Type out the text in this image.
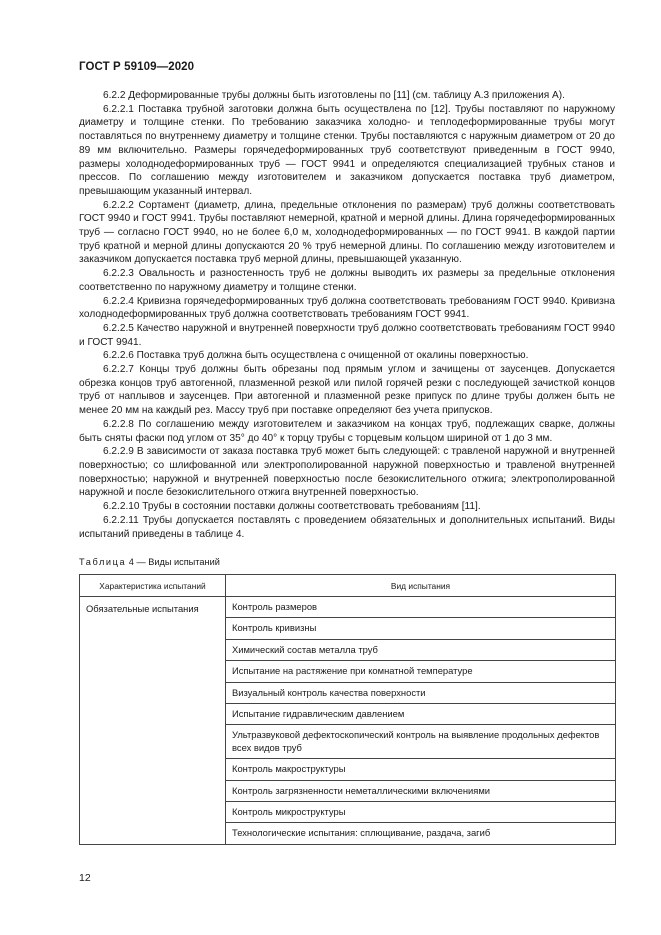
ГОСТ Р 59109—2020

6.2.2 Деформированные трубы должны быть изготовлены по [11] (см. таблицу А.3 приложения А).

6.2.2.1 Поставка трубной заготовки должна быть осуществлена по [12]. Трубы поставляют по наружному диаметру и толщине стенки. По требованию заказчика холодно- и теплодеформированные трубы могут поставляться по внутреннему диаметру и толщине стенки. Трубы поставляются с наружным диаметром от 20 до 89 мм включительно. Размеры горячедеформированных труб соответствуют приведенным в ГОСТ 9940, размеры холоднодеформированных труб — ГОСТ 9941 и определяются специализацией трубных станов и прессов. По соглашению между изготовителем и заказчиком допускается поставка труб диаметром, превышающим указанный интервал.

6.2.2.2 Сортамент (диаметр, длина, предельные отклонения по размерам) труб должны соответствовать ГОСТ 9940 и ГОСТ 9941. Трубы поставляют немерной, кратной и мерной длины. Длина горячедеформированных труб — согласно ГОСТ 9940, но не более 6,0 м, холоднодеформированных — по ГОСТ 9941. В каждой партии труб кратной и мерной длины допускаются 20 % труб немерной длины. По соглашению между изготовителем и заказчиком допускается поставка труб мерной длины, превышающей указанную.

6.2.2.3 Овальность и разностенность труб не должны выводить их размеры за предельные отклонения соответственно по наружному диаметру и толщине стенки.

6.2.2.4 Кривизна горячедеформированных труб должна соответствовать требованиям ГОСТ 9940. Кривизна холоднодеформированных труб должна соответствовать требованиям ГОСТ 9941.

6.2.2.5 Качество наружной и внутренней поверхности труб должно соответствовать требованиям ГОСТ 9940 и ГОСТ 9941.

6.2.2.6 Поставка труб должна быть осуществлена с очищенной от окалины поверхностью.

6.2.2.7 Концы труб должны быть обрезаны под прямым углом и зачищены от заусенцев. Допускается обрезка концов труб автогенной, плазменной резкой или пилой горячей резки с последующей зачисткой концов труб от наплывов и заусенцев. При автогенной и плазменной резке припуск по длине трубы должен быть не менее 20 мм на каждый рез. Массу труб при поставке определяют без учета припусков.

6.2.2.8 По соглашению между изготовителем и заказчиком на концах труб, подлежащих сварке, должны быть сняты фаски под углом от 35° до 40° к торцу трубы с торцевым кольцом шириной от 1 до 3 мм.

6.2.2.9 В зависимости от заказа поставка труб может быть следующей: с травленой наружной и внутренней поверхностью; со шлифованной или электрополированной наружной поверхностью и травленой внутренней поверхностью; наружной и внутренней поверхностью после безокислительного отжига; электрополированной наружной и после безокислительного отжига внутренней поверхностью.

6.2.2.10 Трубы в состоянии поставки должны соответствовать требованиям [11].

6.2.2.11 Трубы допускается поставлять с проведением обязательных и дополнительных испытаний. Виды испытаний приведены в таблице 4.

Таблица 4 — Виды испытаний
Характеристика испытаний	Вид испытания
Обязательные испытания	Контроль размеров
	Контроль кривизны
	Химический состав металла труб
	Испытание на растяжение при комнатной температуре
	Визуальный контроль качества поверхности
	Испытание гидравлическим давлением
	Ультразвуковой дефектоскопический контроль на выявление продольных дефектов всех видов труб
	Контроль макроструктуры
	Контроль загрязненности неметаллическими включениями
	Контроль микроструктуры
	Технологические испытания: сплющивание, раздача, загиб
12
